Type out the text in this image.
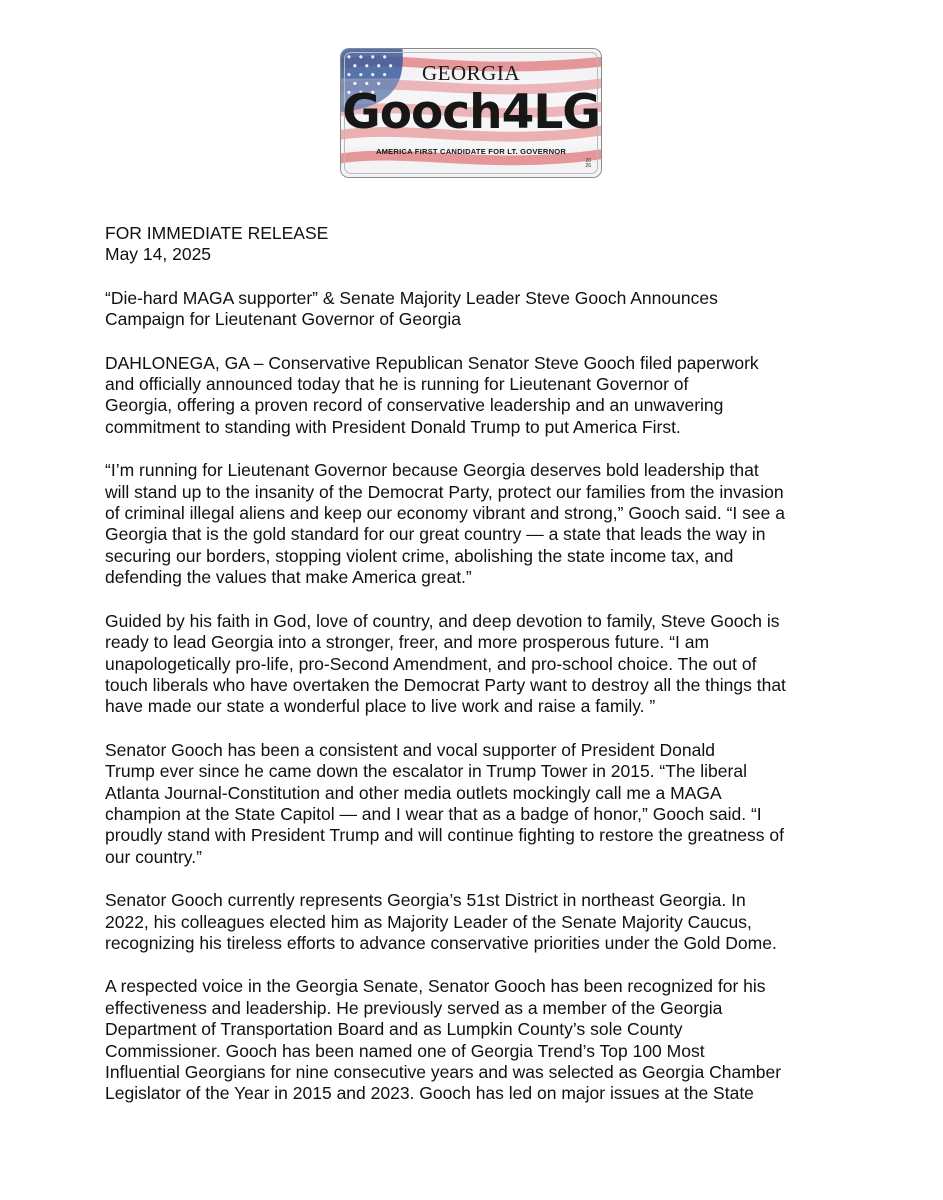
GEORGIA
Gooch4LG
AMERICA FIRST CANDIDATE FOR LT. GOVERNOR
20
26
FOR IMMEDIATE RELEASE
May 14, 2025
“Die-hard MAGA supporter” & Senate Majority Leader Steve Gooch Announces
Campaign for Lieutenant Governor of Georgia
DAHLONEGA, GA – Conservative Republican Senator Steve Gooch filed paperwork
and officially announced today that he is running for Lieutenant Governor of
Georgia, offering a proven record of conservative leadership and an unwavering
commitment to standing with President Donald Trump to put America First.
“I’m running for Lieutenant Governor because Georgia deserves bold leadership that
will stand up to the insanity of the Democrat Party, protect our families from the invasion
of criminal illegal aliens and keep our economy vibrant and strong,” Gooch said. “I see a
Georgia that is the gold standard for our great country — a state that leads the way in
securing our borders, stopping violent crime, abolishing the state income tax, and
defending the values that make America great.”
Guided by his faith in God, love of country, and deep devotion to family, Steve Gooch is
ready to lead Georgia into a stronger, freer, and more prosperous future. “I am
unapologetically pro-life, pro-Second Amendment, and pro-school choice. The out of
touch liberals who have overtaken the Democrat Party want to destroy all the things that
have made our state a wonderful place to live work and raise a family. ”
Senator Gooch has been a consistent and vocal supporter of President Donald
Trump ever since he came down the escalator in Trump Tower in 2015. “The liberal
Atlanta Journal-Constitution and other media outlets mockingly call me a MAGA
champion at the State Capitol — and I wear that as a badge of honor,” Gooch said. “I
proudly stand with President Trump and will continue fighting to restore the greatness of
our country.”
Senator Gooch currently represents Georgia’s 51st District in northeast Georgia. In
2022, his colleagues elected him as Majority Leader of the Senate Majority Caucus,
recognizing his tireless efforts to advance conservative priorities under the Gold Dome.
A respected voice in the Georgia Senate, Senator Gooch has been recognized for his
effectiveness and leadership. He previously served as a member of the Georgia
Department of Transportation Board and as Lumpkin County’s sole County
Commissioner. Gooch has been named one of Georgia Trend’s Top 100 Most
Influential Georgians for nine consecutive years and was selected as Georgia Chamber
Legislator of the Year in 2015 and 2023. Gooch has led on major issues at the State
